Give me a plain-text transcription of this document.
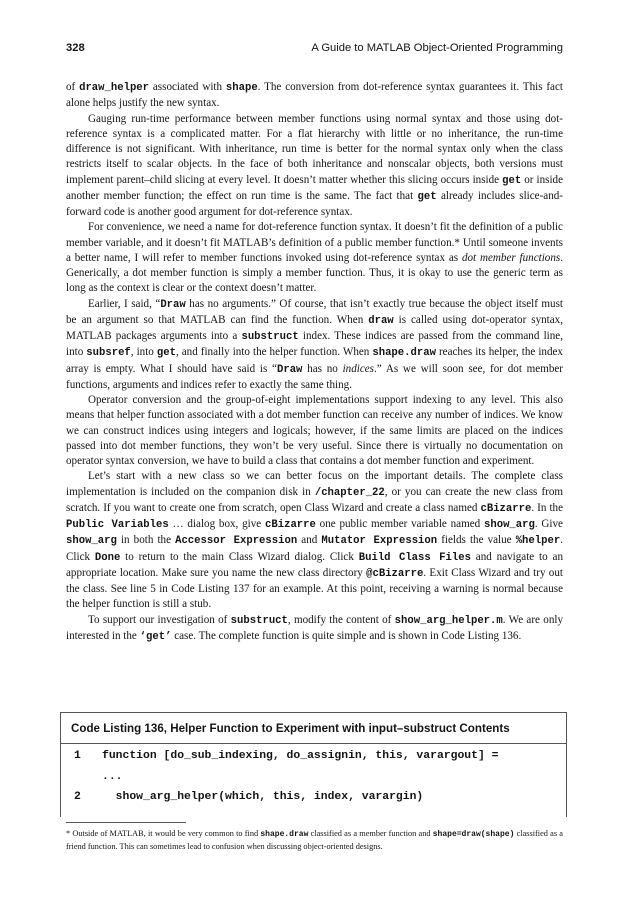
328	A Guide to MATLAB Object-Oriented Programming

of draw_helper associated with shape. The conversion from dot-reference syntax guarantees it. This fact alone helps justify the new syntax.

Gauging run-time performance between member functions using normal syntax and those using dot-reference syntax is a complicated matter. For a flat hierarchy with little or no inheritance, the run-time difference is not significant. With inheritance, run time is better for the normal syntax only when the class restricts itself to scalar objects. In the face of both inheritance and nonscalar objects, both versions must implement parent–child slicing at every level. It doesn’t matter whether this slicing occurs inside get or inside another member function; the effect on run time is the same. The fact that get already includes slice-and-forward code is another good argument for dot-reference syntax.

For convenience, we need a name for dot-reference function syntax. It doesn’t fit the definition of a public member variable, and it doesn’t fit MATLAB’s definition of a public member function.* Until someone invents a better name, I will refer to member functions invoked using dot-reference syntax as dot member functions. Generically, a dot member function is simply a member function. Thus, it is okay to use the generic term as long as the context is clear or the context doesn’t matter.

Earlier, I said, “Draw has no arguments.” Of course, that isn’t exactly true because the object itself must be an argument so that MATLAB can find the function. When draw is called using dot-operator syntax, MATLAB packages arguments into a substruct index. These indices are passed from the command line, into subsref, into get, and finally into the helper function. When shape.draw reaches its helper, the index array is empty. What I should have said is “Draw has no indices.” As we will soon see, for dot member functions, arguments and indices refer to exactly the same thing.

Operator conversion and the group-of-eight implementations support indexing to any level. This also means that helper function associated with a dot member function can receive any number of indices. We know we can construct indices using integers and logicals; however, if the same limits are placed on the indices passed into dot member functions, they won’t be very useful. Since there is virtually no documentation on operator syntax conversion, we have to build a class that contains a dot member function and experiment.

Let’s start with a new class so we can better focus on the important details. The complete class implementation is included on the companion disk in /chapter_22, or you can create the new class from scratch. If you want to create one from scratch, open Class Wizard and create a class named cBizarre. In the Public Variables … dialog box, give cBizarre one public member variable named show_arg. Give show_arg in both the Accessor Expression and Mutator Expression fields the value %helper. Click Done to return to the main Class Wizard dialog. Click Build Class Files and navigate to an appropriate location. Make sure you name the new class directory @cBizarre. Exit Class Wizard and try out the class. See line 5 in Code Listing 137 for an example. At this point, receiving a warning is normal because the helper function is still a stub.

To support our investigation of substruct, modify the content of show_arg_helper.m. We are only interested in the ‘get’ case. The complete function is quite simple and is shown in Code Listing 136.

Code Listing 136, Helper Function to Experiment with input–substruct Contents
1 function [do_sub_indexing, do_assignin, this, varargout] =
...
2  show_arg_helper(which, this, index, varargin)
* Outside of MATLAB, it would be very common to find shape.draw classified as a member function and shape=draw(shape) classified as a friend function. This can sometimes lead to confusion when discussing object-oriented designs.
